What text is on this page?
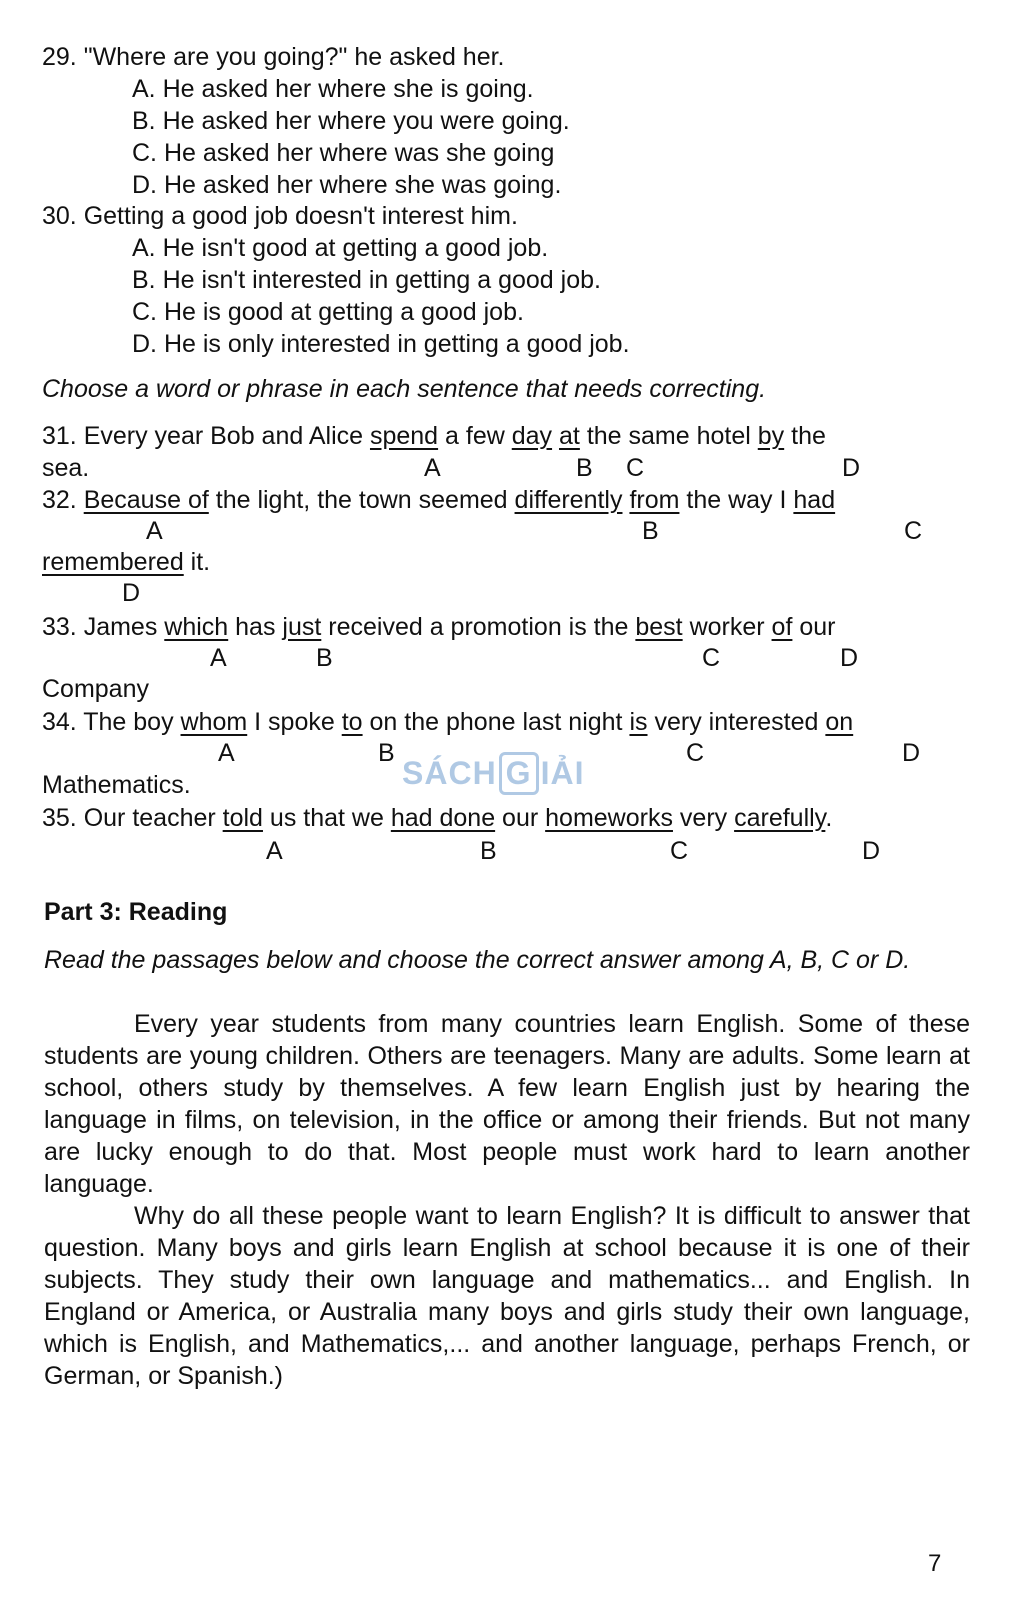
29. "Where are you going?" he asked her.
A. He asked her where she is going.
B. He asked her where you were going.
C. He asked her where was she going
D. He asked her where she was going.
30. Getting a good job doesn't interest him.
A. He isn't good at getting a good job.
B. He isn't interested in getting a good job.
C. He is good at getting a good job.
D. He is only interested in getting a good job.
Choose a word or phrase in each sentence that needs correcting.
31. Every year Bob and Alice spend a few day at the same hotel by the
sea.	A	B C	D
32. Because of the light, the town seemed differently from the way I had
A	B	C
remembered it.
D
33. James which has just received a promotion is the best worker of our
A	B	C	D
Company
34. The boy whom I spoke to on the phone last night is very interested on
A	B	C	D
Mathematics.	SÁCH G IẢI
35. Our teacher told us that we had done our homeworks very carefully.
A	B	C	D
Part 3: Reading
Read the passages below and choose the correct answer among A, B, C or D.

Every year students from many countries learn English. Some of these students are young children. Others are teenagers. Many are adults. Some learn at school, others study by themselves. A few learn English just by hearing the language in films, on television, in the office or among their friends. But not many are lucky enough to do that. Most people must work hard to learn another language.

Why do all these people want to learn English? It is difficult to answer that question. Many boys and girls learn English at school because it is one of their subjects. They study their own language and mathematics... and English. In England or America, or Australia many boys and girls study their own language, which is English, and Mathematics,... and another language, perhaps French, or German, or Spanish.)

7
